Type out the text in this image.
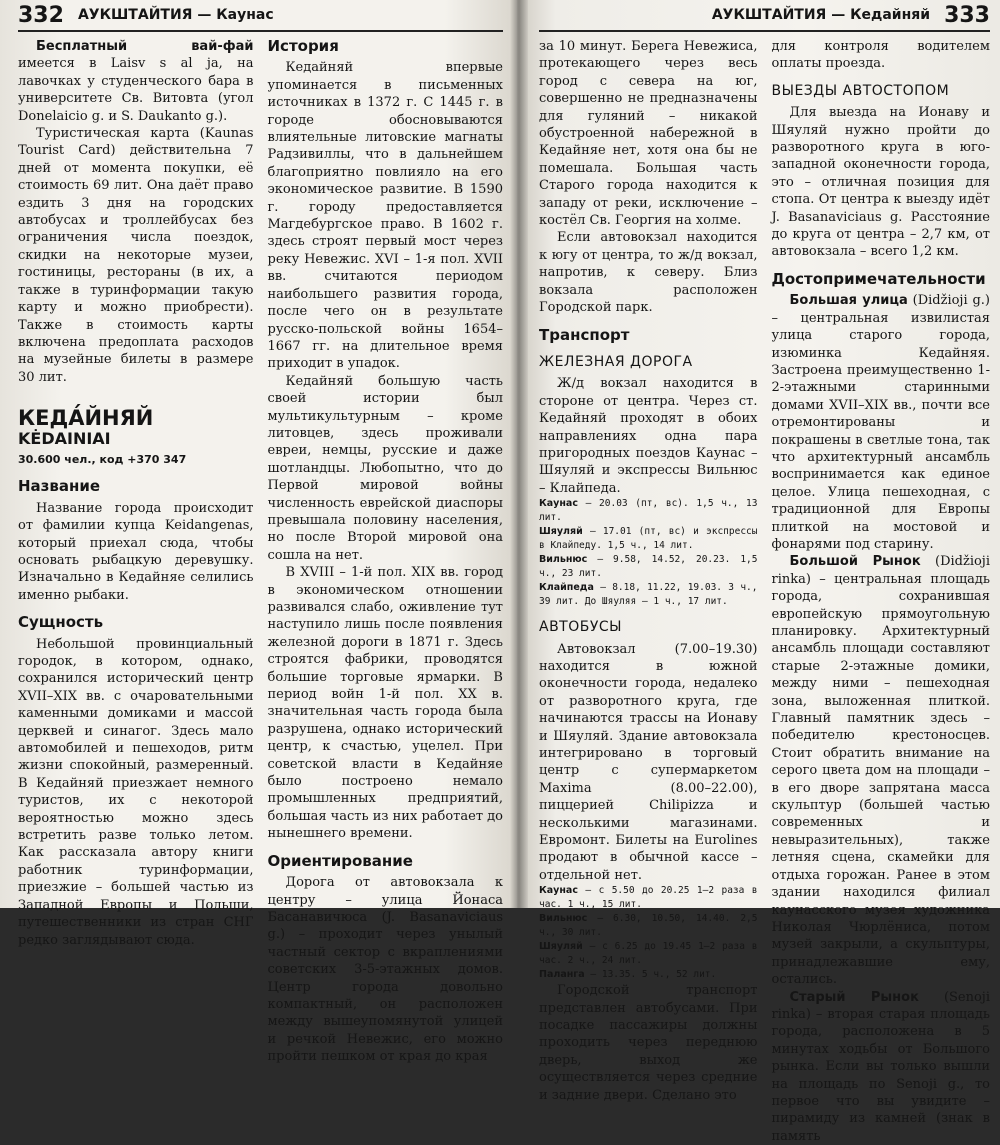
332 АУКШТАЙТИЯ — Каунас

Бесплатный вай-фай имеется в Laisv s al ja, на лавочках у студенческого бара в университете Св. Витовта (угол Donelaicio g. и S. Daukanto g.).

Туристическая карта (Kaunas Tourist Card) действительна 7 дней от момента покупки, её стоимость 69 лит. Она даёт право ездить 3 дня на городских автобусах и троллейбусах без ограничения числа поездок, скидки на некоторые музеи, гостиницы, рестораны (в их, а также в туринформации такую карту и можно приобрести). Также в стоимость карты включена предоплата расходов на музейные билеты в размере 30 лит.

КЕДА́ЙНЯЙ
KĖDAINIAI
30.600 чел., код +370 347
Название

Название города происходит от фамилии купца Keidangenas, который приехал сюда, чтобы основать рыбацкую деревушку. Изначально в Кедайняе селились именно рыбаки.

Сущность

Небольшой провинциальный городок, в котором, однако, сохранился исторический центр XVII–XIX вв. с очаровательными каменными домиками и массой церквей и синагог. Здесь мало автомобилей и пешеходов, ритм жизни спокойный, размеренный. В Кедайняй приезжает немного туристов, их с некоторой вероятностью можно здесь встретить разве только летом. Как рассказала автору книги работник туринформации, приезжие – большей частью из Западной Европы и Польши, путешественники из стран СНГ редко заглядывают сюда.

История

Кедайняй впервые упоминается в письменных источниках в 1372 г. С 1445 г. в городе обосновываются влиятельные литовские магнаты Радзивиллы, что в дальнейшем благоприятно повлияло на его экономическое развитие. В 1590 г. городу предоставляется Магдебургское право. В 1602 г. здесь строят первый мост через реку Невежис. XVI – 1-я пол. XVII вв. считаются периодом наибольшего развития города, после чего он в результате русско-польской войны 1654–1667 гг. на длительное время приходит в упадок.

Кедайняй большую часть своей истории был мультикультурным – кроме литовцев, здесь проживали евреи, немцы, русские и даже шотландцы. Любопытно, что до Первой мировой войны численность еврейской диаспоры превышала половину населения, но после Второй мировой она сошла на нет.

В XVIII – 1-й пол. XIX вв. город в экономическом отношении развивался слабо, оживление тут наступило лишь после появления железной дороги в 1871 г. Здесь строятся фабрики, проводятся большие торговые ярмарки. В период войн 1-й пол. XX в. значительная часть города была разрушена, однако исторический центр, к счастью, уцелел. При советской власти в Кедайняе было построено немало промышленных предприятий, большая часть из них работает до нынешнего времени.

Ориентирование

Дорога от автовокзала к центру – улица Йонаса Басанавичюса (J. Basanaviciaus g.) – проходит через унылый частный сектор с вкраплениями советских 3-5-этажных домов. Центр города довольно компактный, он расположен между вышеупомянутой улицей и речкой Невежис, его можно пройти пешком от края до края

АУКШТАЙТИЯ — Кедайняй 333

за 10 минут. Берега Невежиса, протекающего через весь город с севера на юг, совершенно не предназначены для гуляний – никакой обустроенной набережной в Кедайняе нет, хотя она бы не помешала. Большая часть Старого города находится к западу от реки, исключение – костёл Св. Георгия на холме.

Если автовокзал находится к югу от центра, то ж/д вокзал, напротив, к северу. Близ вокзала расположен Городской парк.

Транспорт
ЖЕЛЕЗНАЯ ДОРОГА

Ж/д вокзал находится в стороне от центра. Через ст. Кедайняй проходят в обоих направлениях одна пара пригородных поездов Каунас – Шяуляй и экспрессы Вильнюс – Клайпеда.

Каунас – 20.03 (пт, вс). 1,5 ч., 13 лит.

Шяуляй – 17.01 (пт, вс) и экспрессы в Клайпеду. 1,5 ч., 14 лит.

Вильнюс – 9.58, 14.52, 20.23. 1,5 ч., 23 лит.

Клайпеда – 8.18, 11.22, 19.03. 3 ч., 39 лит. До Шяуляя – 1 ч., 17 лит.

АВТОБУСЫ

Автовокзал (7.00–19.30) находится в южной оконечности города, недалеко от разворотного круга, где начинаются трассы на Ионаву и Шяуляй. Здание автовокзала интегрировано в торговый центр с супермаркетом Maxima (8.00–22.00), пиццерией Chilipizza и несколькими магазинами. Евромонт. Билеты на Eurolines продают в обычной кассе – отдельной нет.

Каунас – с 5.50 до 20.25 1–2 раза в час. 1 ч., 15 лит.

Вильнюс – 6.30, 10.50, 14.40. 2,5 ч., 30 лит.

Шяуляй – с 6.25 до 19.45 1–2 раза в час. 2 ч., 24 лит.

Паланга – 13.35. 5 ч., 52 лит.

Городской транспорт представлен автобусами. При посадке пассажиры должны проходить через переднюю дверь, выход же осуществляется через средние и задние двери. Сделано это

для контроля водителем оплаты проезда.

ВЫЕЗДЫ АВТОСТОПОМ

Для выезда на Ионаву и Шяуляй нужно пройти до разворотного круга в юго-западной оконечности города, это – отличная позиция для стопа. От центра к выезду идёт J. Basanaviciaus g. Расстояние до круга от центра – 2,7 км, от автовокзала – всего 1,2 км.

Достопримечательности

Большая улица (Didžioji g.) – центральная извилистая улица старого города, изюминка Кедайняя. Застроена преимущественно 1-2-этажными старинными домами XVII–XIX вв., почти все отремонтированы и покрашены в светлые тона, так что архитектурный ансамбль воспринимается как единое целое. Улица пешеходная, с традиционной для Европы плиткой на мостовой и фонарями под старину.

Большой Рынок (Didžioji rinka) – центральная площадь города, сохранившая европейскую прямоугольную планировку. Архитектурный ансамбль площади составляют старые 2-этажные домики, между ними – пешеходная зона, выложенная плиткой. Главный памятник здесь – победителю крестоносцев. Стоит обратить внимание на серого цвета дом на площади – в его дворе запрятана масса скульптур (большей частью современных и невыразительных), также летняя сцена, скамейки для отдыха горожан. Ранее в этом здании находился филиал каунасского музея художника Николая Чюрлёниса, потом музей закрыли, а скульптуры, принадлежавшие ему, остались.

Старый Рынок (Senoji rinka) – вторая старая площадь города, расположена в 5 минутах ходьбы от Большого рынка. Если вы только вышли на площадь по Senoji g., то первое что вы увидите – пирамиду из камней (знак в память
